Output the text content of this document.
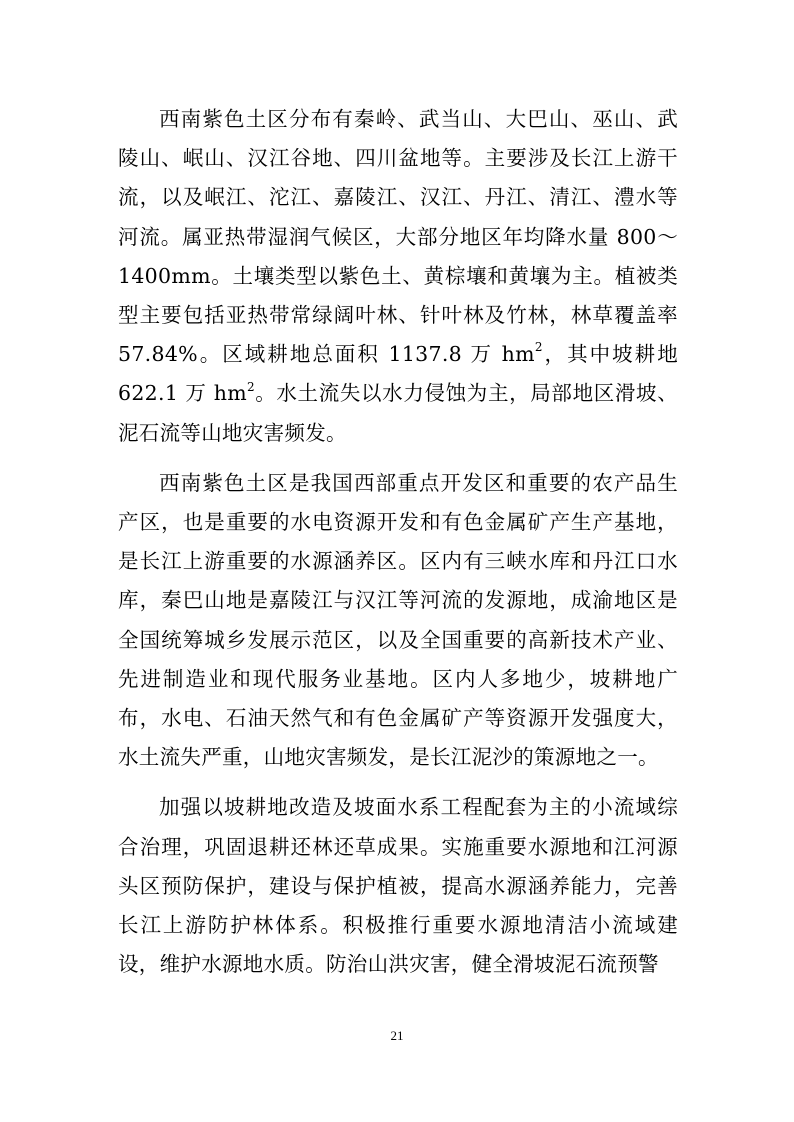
西南紫色土区分布有秦岭、武当山、大巴山、巫山、武陵山、岷山、汉江谷地、四川盆地等。主要涉及长江上游干流，以及岷江、沱江、嘉陵江、汉江、丹江、清江、澧水等河流。属亚热带湿润气候区，大部分地区年均降水量 800～1400mm。土壤类型以紫色土、黄棕壤和黄壤为主。植被类型主要包括亚热带常绿阔叶林、针叶林及竹林，林草覆盖率 57.84%。区域耕地总面积 1137.8 万 $hm^2$，其中坡耕地 622.1 万 $hm^2$。水土流失以水力侵蚀为主，局部地区滑坡、泥石流等山地灾害频发。

西南紫色土区是我国西部重点开发区和重要的农产品生产区，也是重要的水电资源开发和有色金属矿产生产基地，是长江上游重要的水源涵养区。区内有三峡水库和丹江口水库，秦巴山地是嘉陵江与汉江等河流的发源地，成渝地区是全国统筹城乡发展示范区，以及全国重要的高新技术产业、先进制造业和现代服务业基地。区内人多地少，坡耕地广布，水电、石油天然气和有色金属矿产等资源开发强度大，水土流失严重，山地灾害频发，是长江泥沙的策源地之一。

加强以坡耕地改造及坡面水系工程配套为主的小流域综合治理，巩固退耕还林还草成果。实施重要水源地和江河源头区预防保护，建设与保护植被，提高水源涵养能力，完善长江上游防护林体系。积极推行重要水源地清洁小流域建设，维护水源地水质。防治山洪灾害，健全滑坡泥石流预警

21
